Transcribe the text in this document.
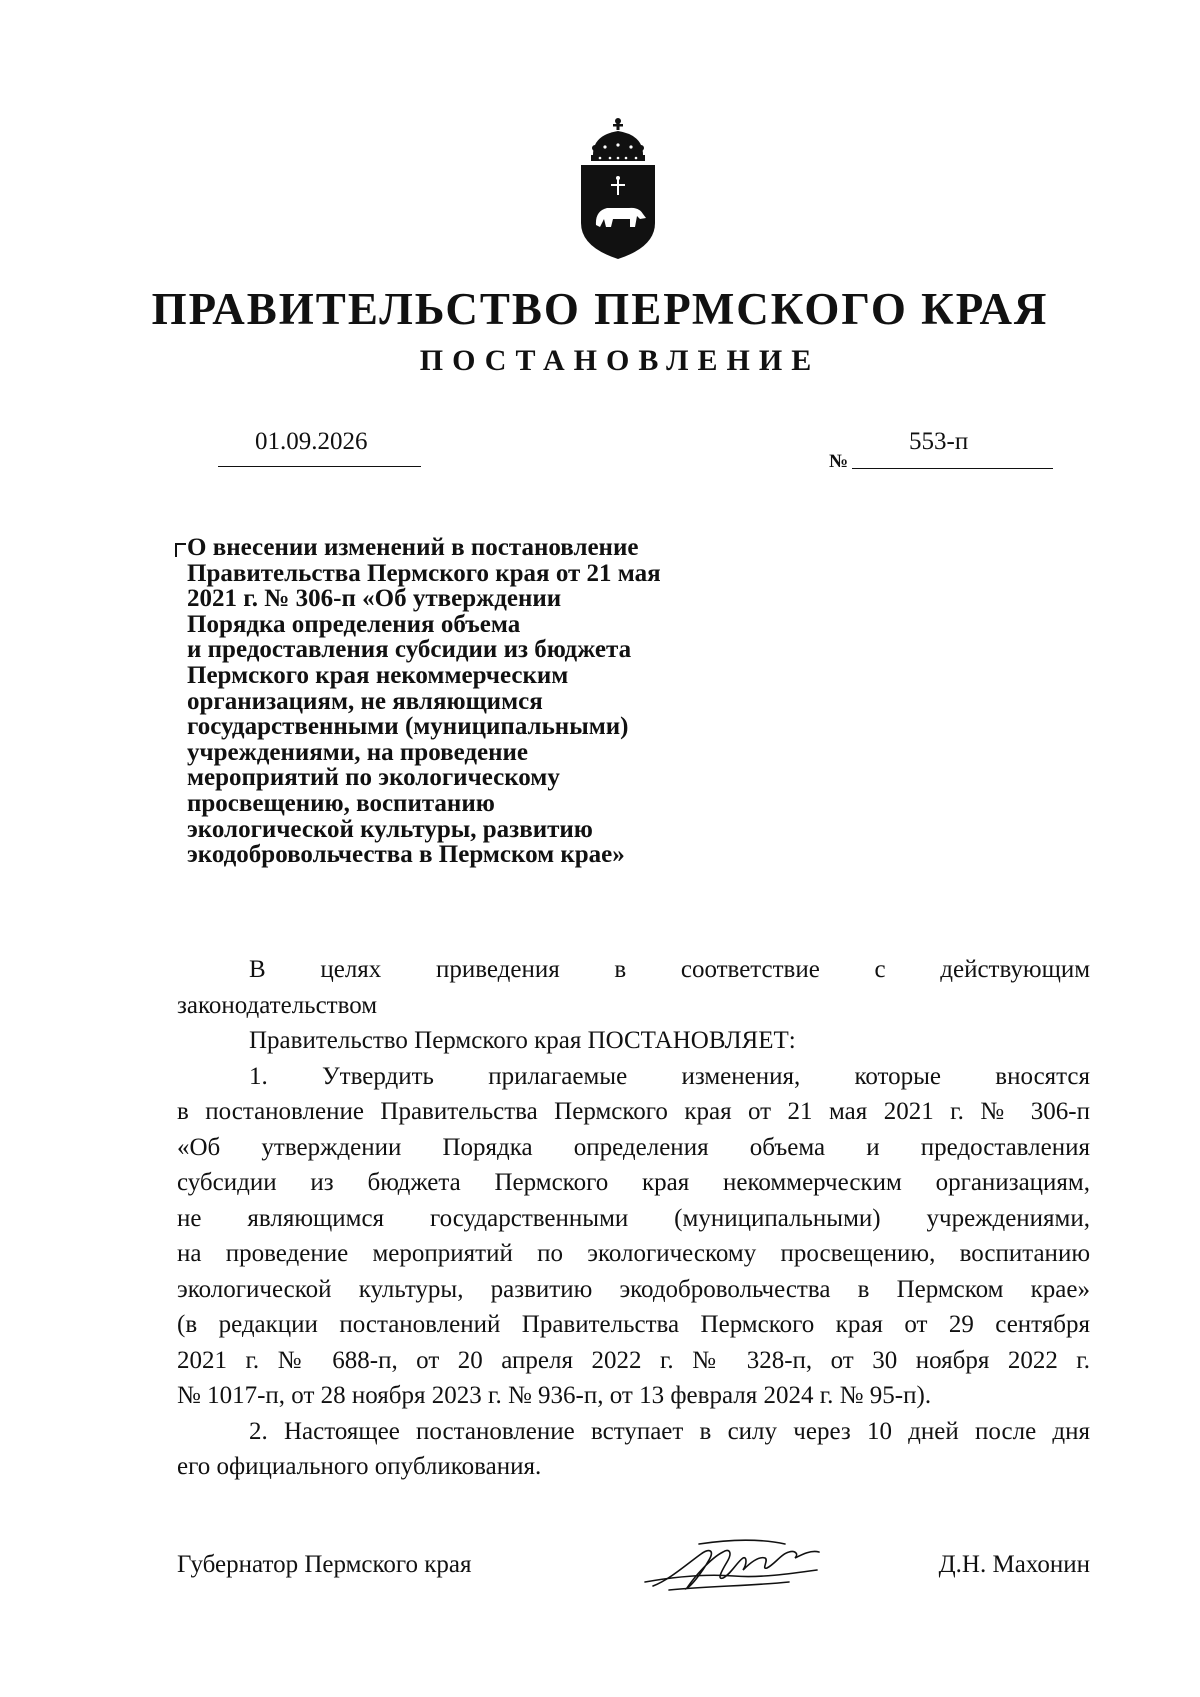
ПРАВИТЕЛЬСТВО ПЕРМСКОГО КРАЯ
ПОСТАНОВЛЕНИЕ
01.09.2026
№
553-п
О внесении изменений в постановление
Правительства Пермского края от 21 мая
2021 г. № 306-п «Об утверждении
Порядка определения объема
и предоставления субсидии из бюджета
Пермского края некоммерческим
организациям, не являющимся
государственными (муниципальными)
учреждениями, на проведение
мероприятий по экологическому
просвещению, воспитанию
экологической культуры, развитию
экодобровольчества в Пермском крае»
В целях приведения в соответствие с действующим
законодательством
Правительство Пермского края ПОСТАНОВЛЯЕТ:
1. Утвердить прилагаемые изменения, которые вносятся
в постановление Правительства Пермского края от 21 мая 2021 г. № 306-п
«Об утверждении Порядка определения объема и предоставления
субсидии из бюджета Пермского края некоммерческим организациям,
не являющимся государственными (муниципальными) учреждениями,
на проведение мероприятий по экологическому просвещению, воспитанию
экологической культуры, развитию экодобровольчества в Пермском крае»
(в редакции постановлений Правительства Пермского края от 29 сентября
2021 г. № 688-п, от 20 апреля 2022 г. № 328-п, от 30 ноября 2022 г.
№ 1017-п, от 28 ноября 2023 г. № 936-п, от 13 февраля 2024 г. № 95-п).
2. Настоящее постановление вступает в силу через 10 дней после дня
его официального опубликования.
Губернатор Пермского края	Д.Н. Махонин
